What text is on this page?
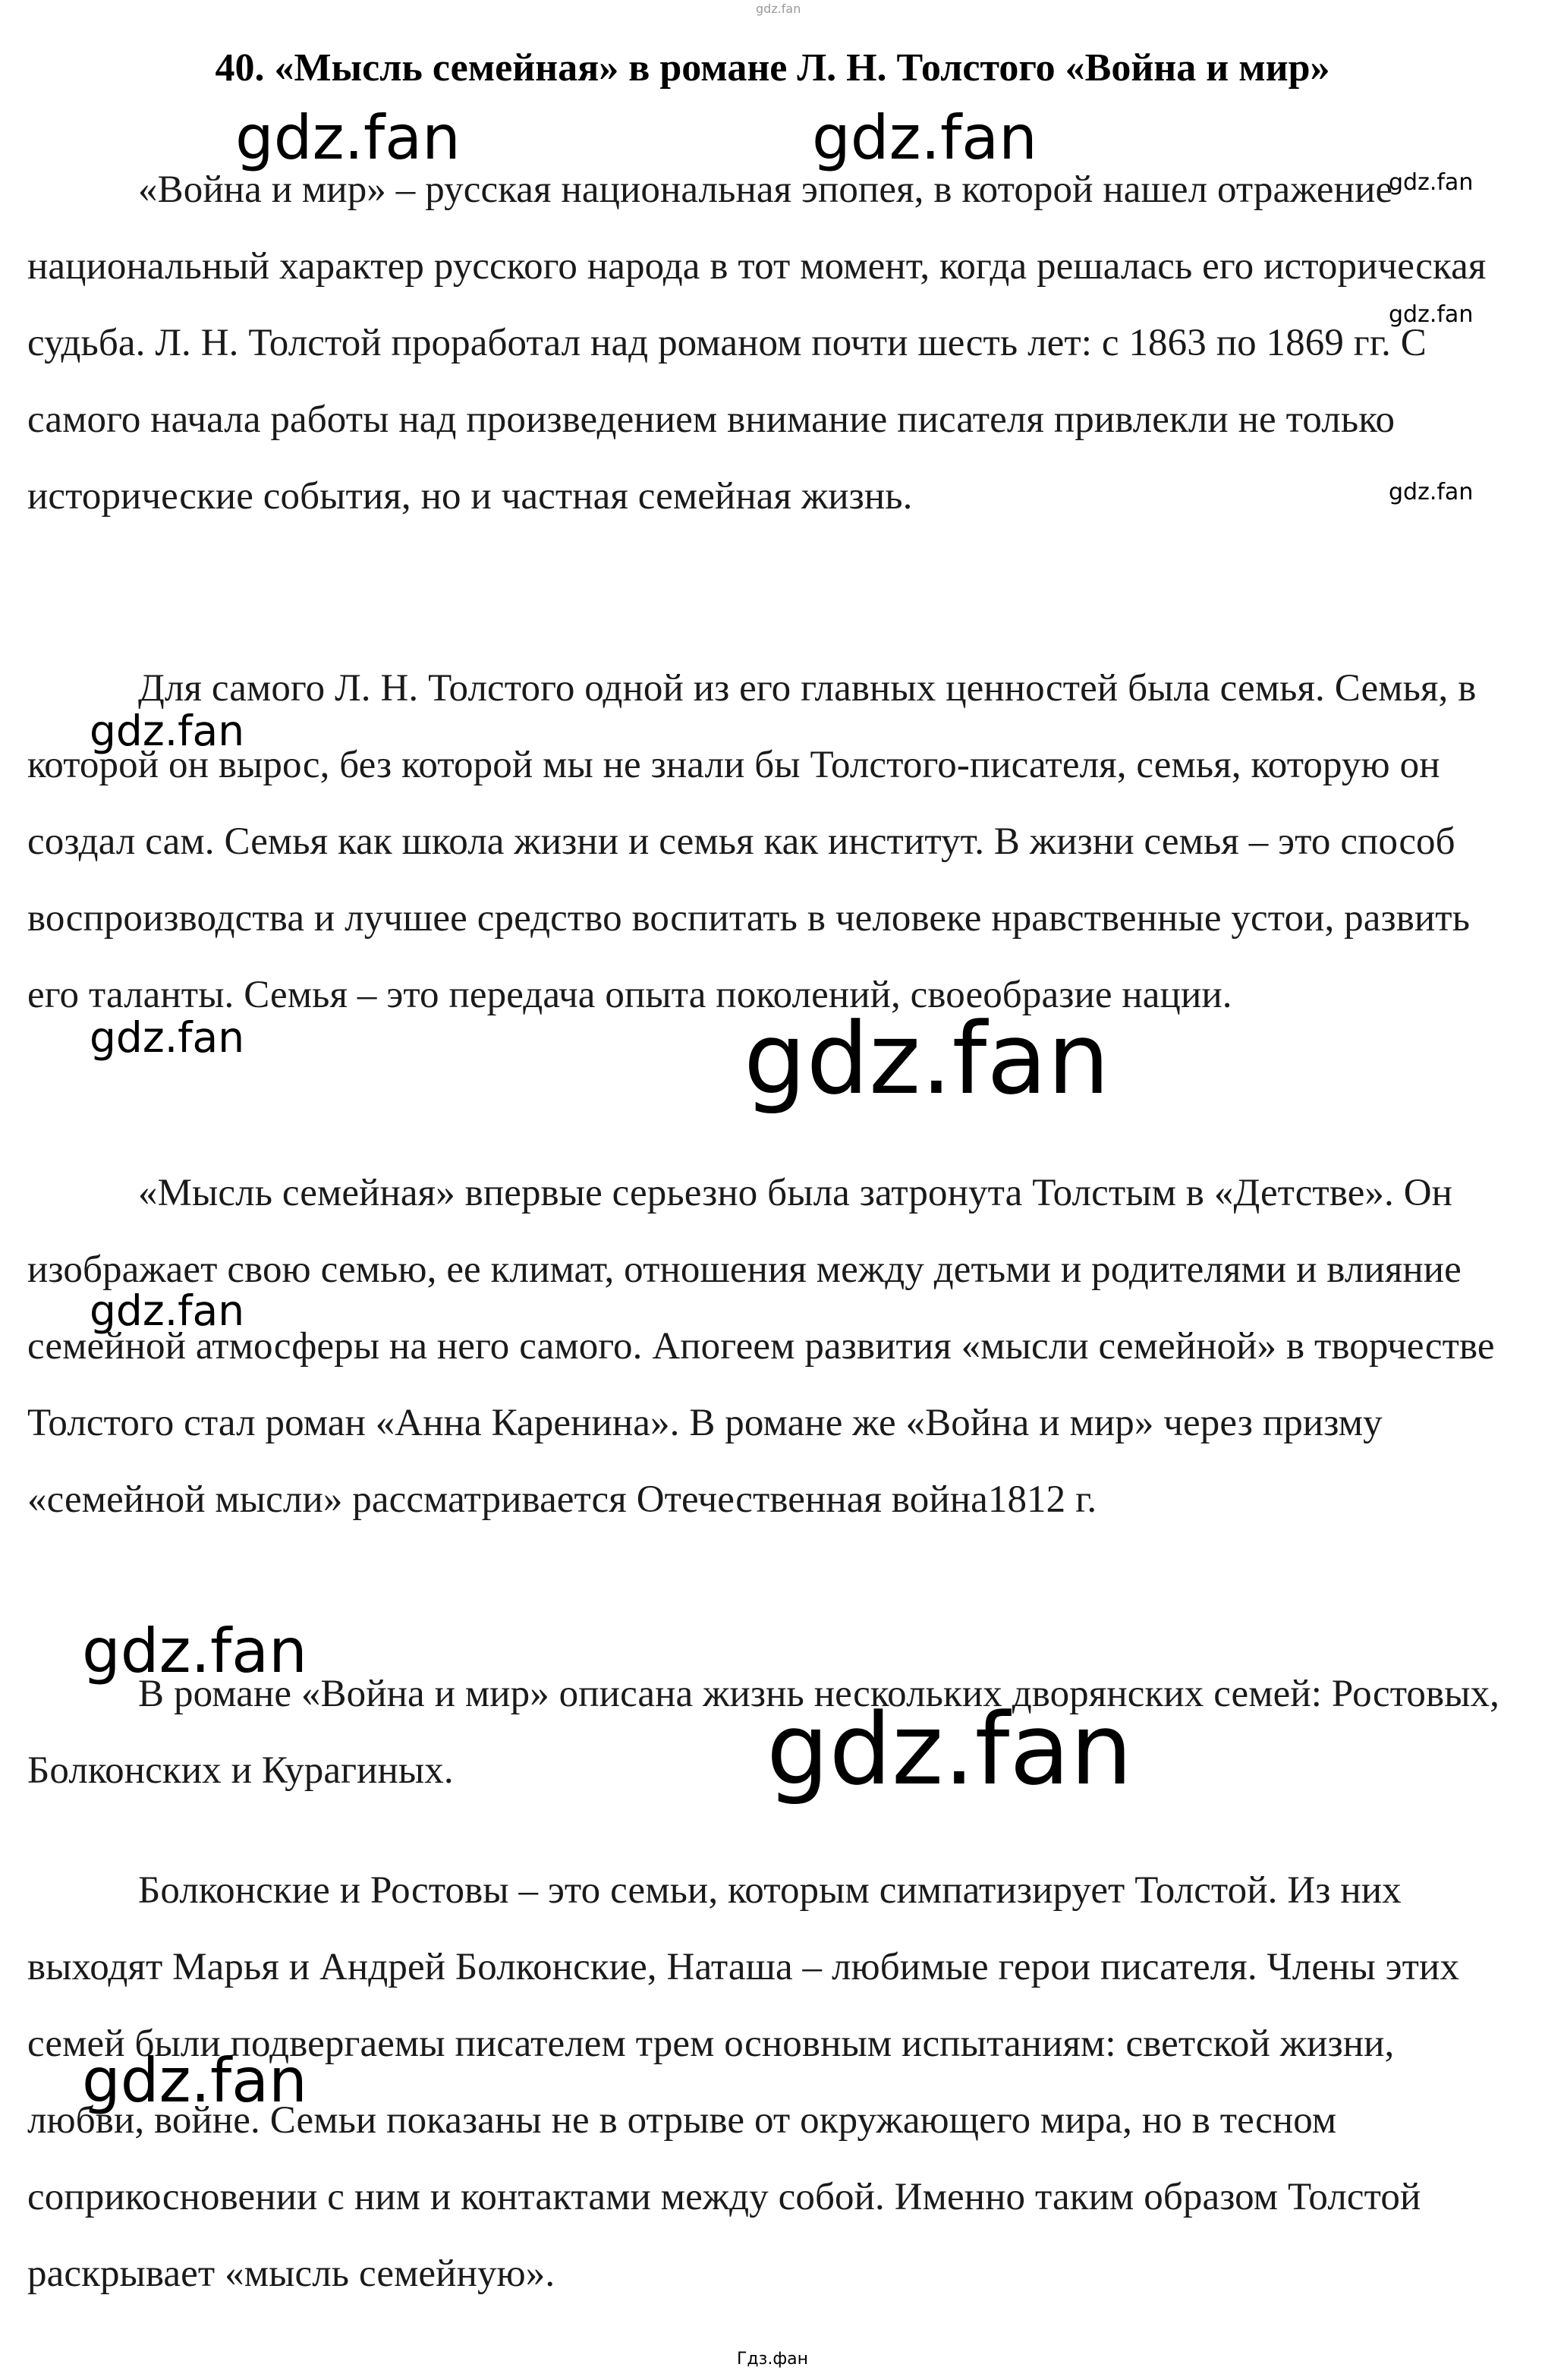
gdz.fan
40. «Мысль семейная» в романе Л. Н. Толстого «Война и мир»

«Война и мир» – русская национальная эпопея, в которой нашел отражение национальный характер русского народа в тот момент, когда решалась его историческая судьба. Л. Н. Толстой проработал над романом почти шесть лет: с 1863 по 1869 гг. С самого начала работы над произведением внимание писателя привлекли не только исторические события, но и частная семейная жизнь.

Для самого Л. Н. Толстого одной из его главных ценностей была семья. Семья, в которой он вырос, без которой мы не знали бы Толстого-писателя, семья, которую он создал сам. Семья как школа жизни и семья как институт. В жизни семья – это способ воспроизводства и лучшее средство воспитать в человеке нравственные устои, развить его таланты. Семья – это передача опыта поколений, своеобразие нации.

«Мысль семейная» впервые серьезно была затронута Толстым в «Детстве». Он изображает свою семью, ее климат, отношения между детьми и родителями и влияние семейной атмосферы на него самого. Апогеем развития «мысли семейной» в творчестве Толстого стал роман «Анна Каренина». В романе же «Война и мир» через призму «семейной мысли» рассматривается Отечественная война1812 г.

В романе «Война и мир» описана жизнь нескольких дворянских семей: Ростовых, Болконских и Курагиных.

Болконские и Ростовы – это семьи, которым симпатизирует Толстой. Из них выходят Марья и Андрей Болконские, Наташа – любимые герои писателя. Члены этих семей были подвергаемы писателем трем основным испытаниям: светской жизни, любви, войне. Семьи показаны не в отрыве от окружающего мира, но в тесном соприкосновении с ним и контактами между собой. Именно таким образом Толстой раскрывает «мысль семейную».

gdz.fan	gdz.fan
gdz.fan
gdz.fan
gdz.fan
gdz.fan
gdz.fan	gdz.fan
gdz.fan
gdz.fan
gdz.fan
gdz.fan
Гдз.фан
